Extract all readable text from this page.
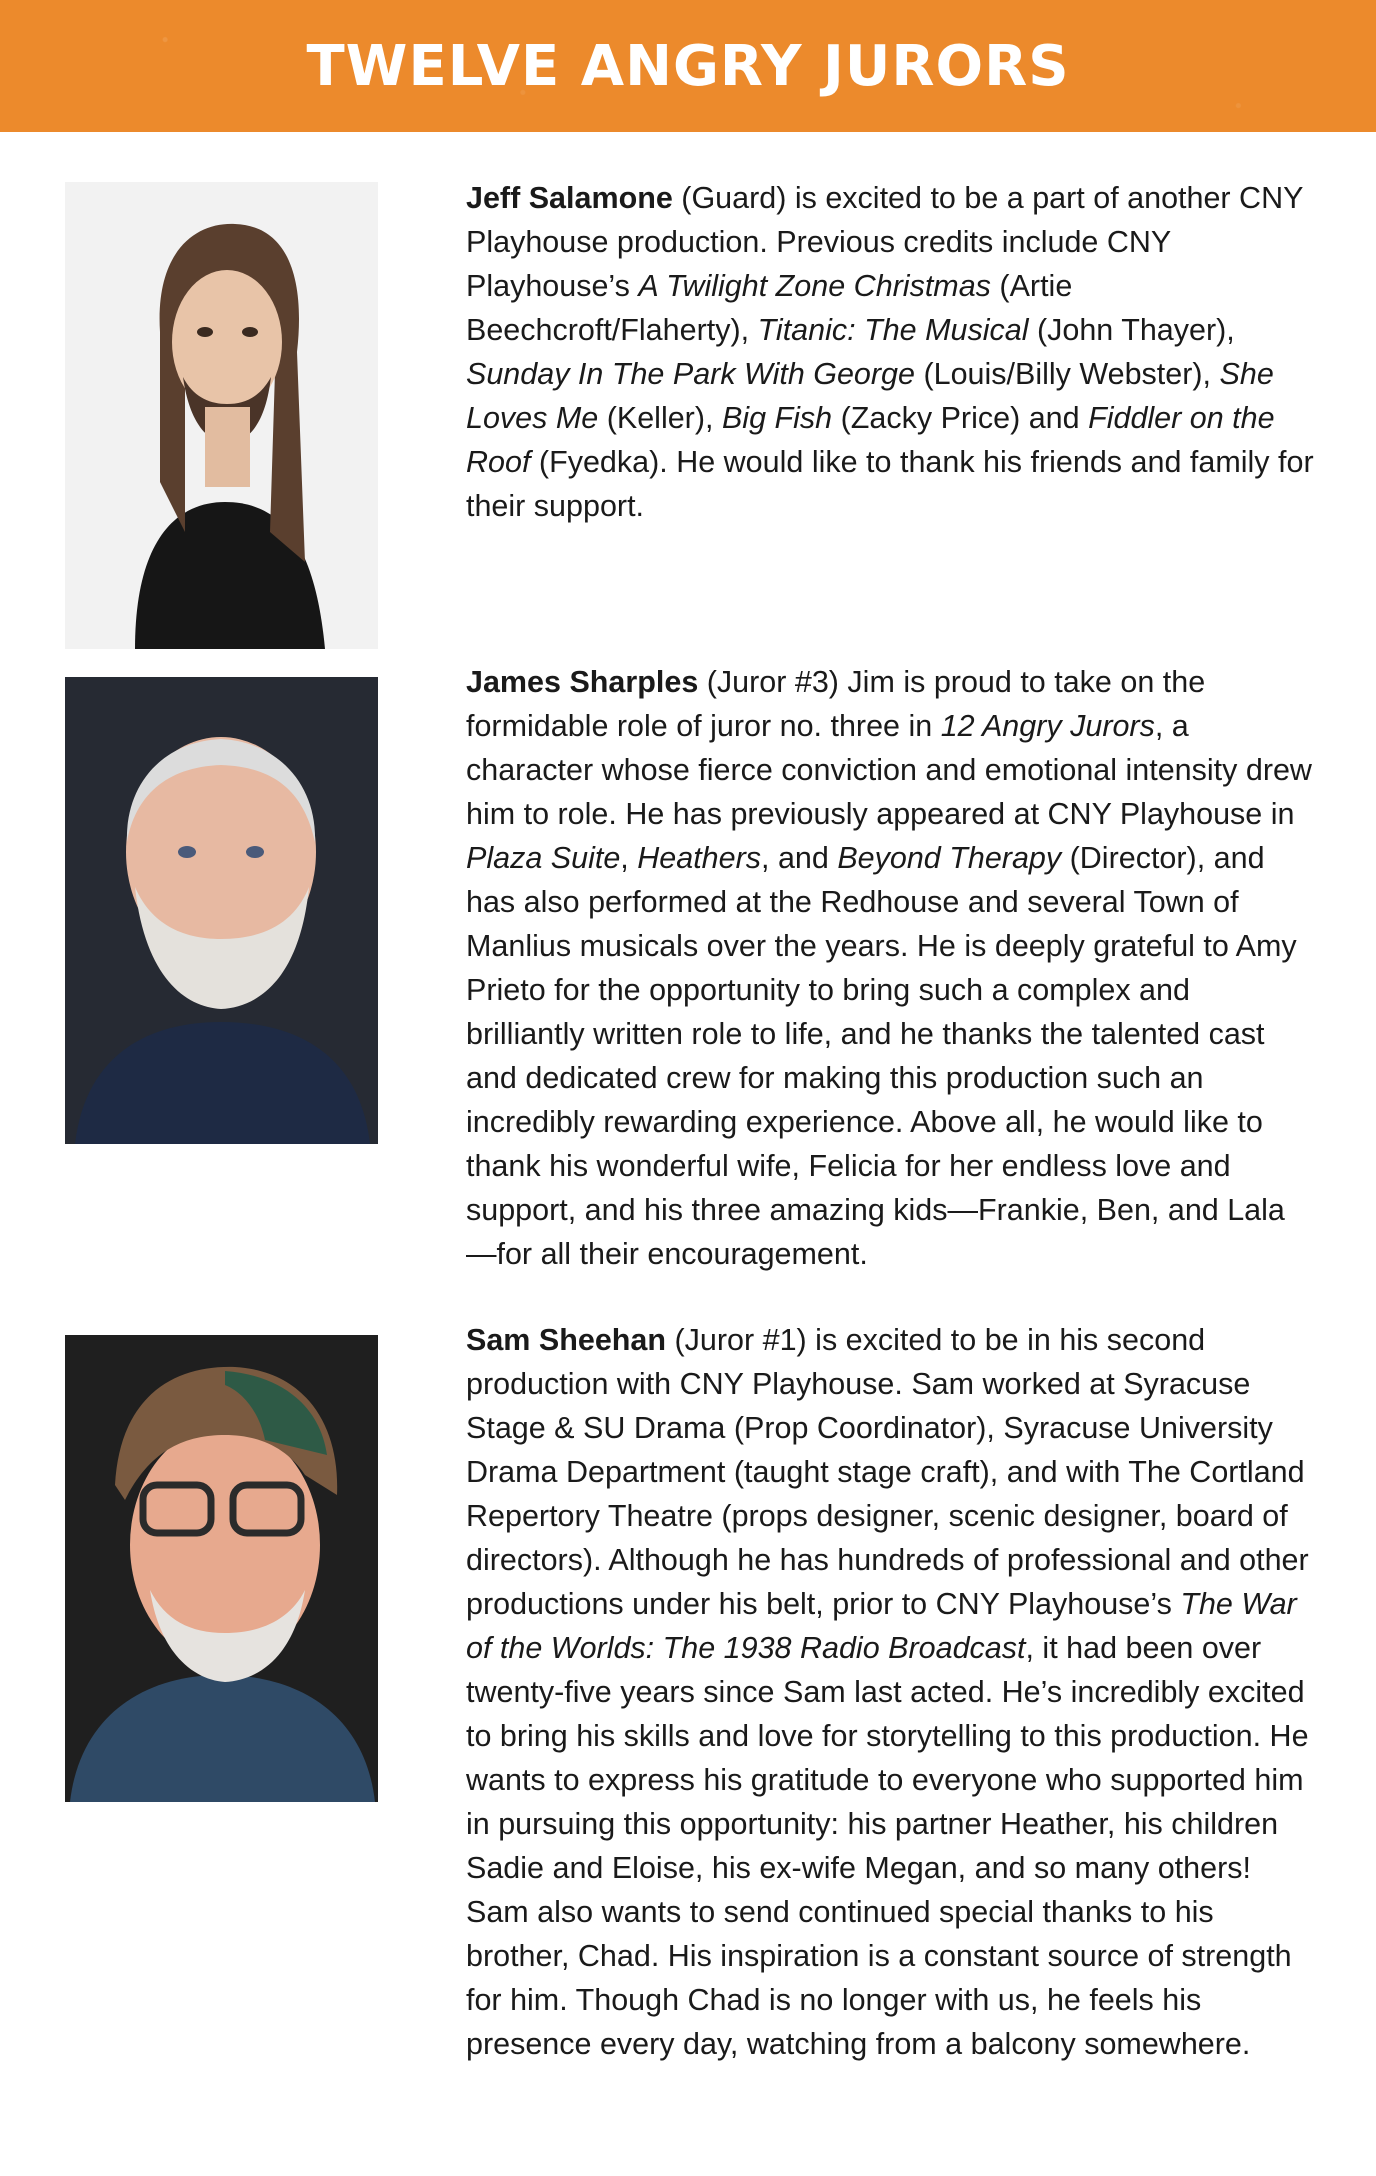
TWELVE ANGRY JURORS

Jeff Salamone (Guard) is excited to be a part of another CNY Playhouse production. Previous credits include CNY Playhouse’s A Twilight Zone Christmas (Artie Beechcroft/Flaherty), Titanic: The Musical (John Thayer), Sunday In The Park With George (Louis/Billy Webster), She Loves Me (Keller), Big Fish (Zacky Price) and Fiddler on the Roof (Fyedka). He would like to thank his friends and family for their support.

James Sharples (Juror #3) Jim is proud to take on the formidable role of juror no. three in 12 Angry Jurors, a character whose fierce conviction and emotional intensity drew him to role. He has previously appeared at CNY Playhouse in Plaza Suite, Heathers, and Beyond Therapy (Director), and has also performed at the Redhouse and several Town of Manlius musicals over the years. He is deeply grateful to Amy Prieto for the opportunity to bring such a complex and brilliantly written role to life, and he thanks the talented cast and dedicated crew for making this production such an incredibly rewarding experience. Above all, he would like to thank his wonderful wife, Felicia for her endless love and support, and his three amazing kids—Frankie, Ben, and Lala—for all their encouragement.

Sam Sheehan (Juror #1) is excited to be in his second production with CNY Playhouse. Sam worked at Syracuse Stage & SU Drama (Prop Coordinator), Syracuse University Drama Department (taught stage craft), and with The Cortland Repertory Theatre (props designer, scenic designer, board of directors). Although he has hundreds of professional and other productions under his belt, prior to CNY Playhouse’s The War of the Worlds: The 1938 Radio Broadcast, it had been over twenty-five years since Sam last acted. He’s incredibly excited to bring his skills and love for storytelling to this production. He wants to express his gratitude to everyone who supported him in pursuing this opportunity: his partner Heather, his children Sadie and Eloise, his ex-wife Megan, and so many others! Sam also wants to send continued special thanks to his brother, Chad. His inspiration is a constant source of strength for him. Though Chad is no longer with us, he feels his presence every day, watching from a balcony somewhere.
